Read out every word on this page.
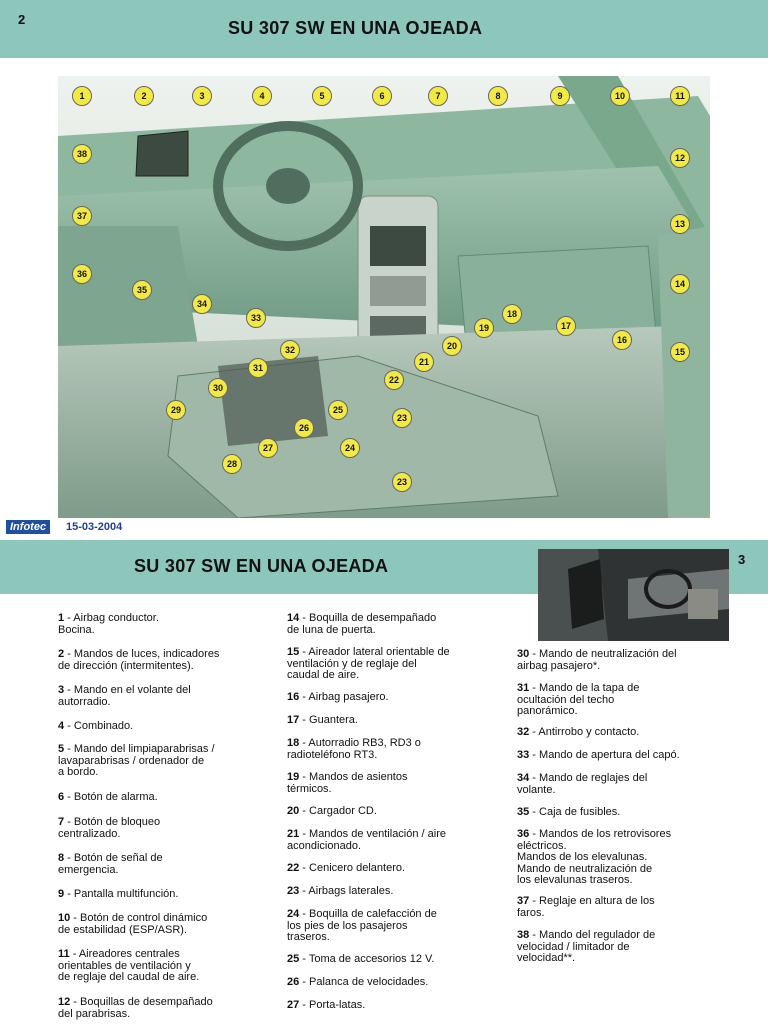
2	SU 307 SW EN UNA OJEADA
1	2	3	4	5	6	7	8	9	10	11
12
13
14
15
16
17
18
19
20
21
22
23
24
25
26
27
28
29
30
31
32
33
34
35
36
37
38
23
Infotec	15-03-2004
SU 307 SW EN UNA OJEADA	3
1 - Airbag conductor.
Bocina.
2 - Mandos de luces, indicadores
de dirección (intermitentes).
3 - Mando en el volante del
autorradio.
4 - Combinado.
5 - Mando del limpiaparabrisas /
lavaparabrisas / ordenador de
a bordo.
6 - Botón de alarma.
7 - Botón de bloqueo
centralizado.
8 - Botón de señal de
emergencia.
9 - Pantalla multifunción.
10 - Botón de control dinámico
de estabilidad (ESP/ASR).
11 - Aireadores centrales
orientables de ventilación y
de reglaje del caudal de aire.
12 - Boquillas de desempañado
del parabrisas.
14 - Boquilla de desempañado
de luna de puerta.
15 - Aireador lateral orientable de
ventilación y de reglaje del
caudal de aire.
16 - Airbag pasajero.
17 - Guantera.
18 - Autorradio RB3, RD3 o
radioteléfono RT3.
19 - Mandos de asientos
térmicos.
20 - Cargador CD.
21 - Mandos de ventilación / aire
acondicionado.
22 - Cenicero delantero.
23 - Airbags laterales.
24 - Boquilla de calefacción de
los pies de los pasajeros
traseros.
25 - Toma de accesorios 12 V.
26 - Palanca de velocidades.
27 - Porta-latas.
30 - Mando de neutralización del
airbag pasajero*.
31 - Mando de la tapa de
ocultación del techo
panorámico.
32 - Antirrobo y contacto.
33 - Mando de apertura del capó.
34 - Mando de reglajes del
volante.
35 - Caja de fusibles.
36 - Mandos de los retrovisores
eléctricos.
Mandos de los elevalunas.
Mando de neutralización de
los elevalunas traseros.
37 - Reglaje en altura de los
faros.
38 - Mando del regulador de
velocidad / limitador de
velocidad**.
